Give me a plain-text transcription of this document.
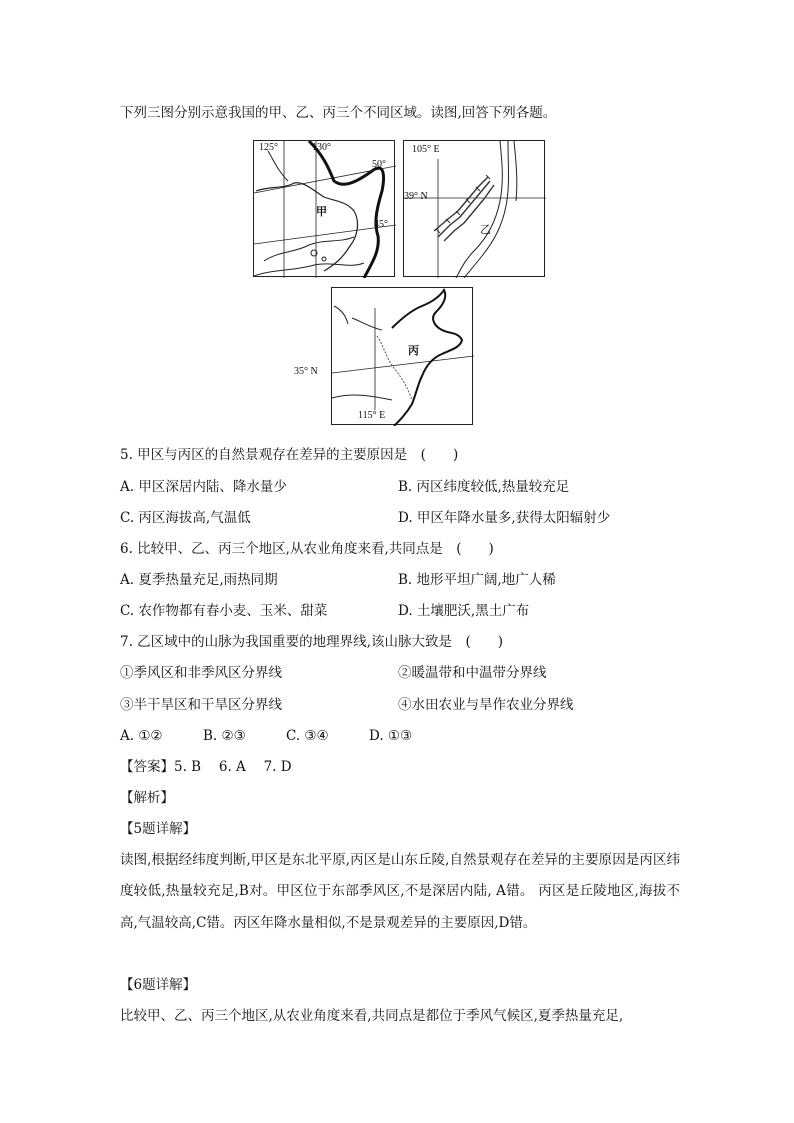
下列三图分别示意我国的甲、乙、丙三个不同区域。读图,回答下列各题。
125°	130°
50°
45°
甲
105° E
39° N
乙
丙
35° N
115° E
5. 甲区与丙区的自然景观存在差异的主要原因是　(　　)
A. 甲区深居内陆、降水量少	B. 丙区纬度较低,热量较充足
C. 丙区海拔高,气温低	D. 甲区年降水量多,获得太阳辐射少
6. 比较甲、乙、丙三个地区,从农业角度来看,共同点是　(　　)
A. 夏季热量充足,雨热同期	B. 地形平坦广阔,地广人稀
C. 农作物都有春小麦、玉米、甜菜	D. 土壤肥沃,黑土广布
7. 乙区域中的山脉为我国重要的地理界线,该山脉大致是　(　　)
①季风区和非季风区分界线	②暖温带和中温带分界线
③半干旱区和干旱区分界线	④水田农业与旱作农业分界线
A. ①②	B. ②③	C. ③④	D. ①③
【答案】5. B　 6. A　 7. D
【解析】
【5题详解】
读图,根据经纬度判断,甲区是东北平原,丙区是山东丘陵,自然景观存在差异的主要原因是丙区纬度较低,热量较充足,B对。甲区位于东部季风区,不是深居内陆, A错。 丙区是丘陵地区,海拔不高,气温较高,C错。丙区年降水量相似,不是景观差异的主要原因,D错。
【6题详解】
比较甲、乙、丙三个地区,从农业角度来看,共同点是都位于季风气候区,夏季热量充足,
